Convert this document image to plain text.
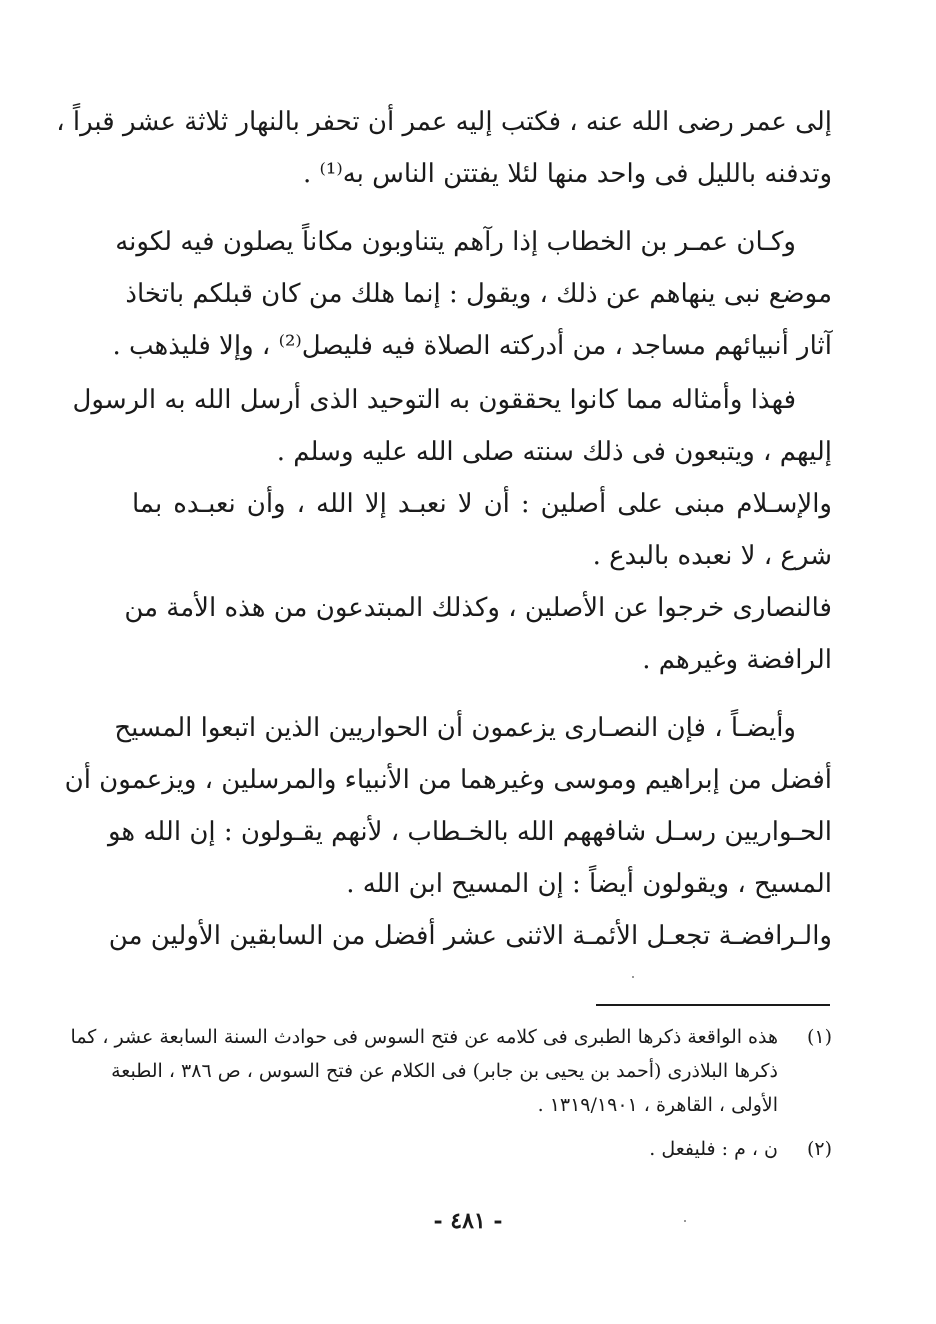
إلى عمر رضى الله عنه ، فكتب إليه عمر أن تحفر بالنهار ثلاثة عشر قبراً ،
وتدفنه بالليل فى واحد منها لئلا يفتتن الناس به⁽¹⁾ .
وكـان عمـر بن الخطاب إذا رآهم يتناوبون مكاناً يصلون فيه لكونه
موضع نبى ينهاهم عن ذلك ، ويقول : إنما هلك من كان قبلكم باتخاذ
آثار أنبيائهم مساجد ، من أدركته الصلاة فيه فليصل⁽²⁾ ، وإلا فليذهب .
فهذا وأمثاله مما كانوا يحققون به التوحيد الذى أرسل الله به الرسول
إليهم ، ويتبعون فى ذلك سنته صلى الله عليه وسلم .
والإسـلام مبنى على أصلين : أن لا نعبـد إلا الله ، وأن نعبـده بما
شرع ، لا نعبده بالبدع .
فالنصارى خرجوا عن الأصلين ، وكذلك المبتدعون من هذه الأمة من
الرافضة وغيرهم .
وأيضـاً ، فإن النصـارى يزعمون أن الحواريين الذين اتبعوا المسيح
أفضل من إبراهيم وموسى وغيرهما من الأنبياء والمرسلين ، ويزعمون أن
الحـواريين رسـل شافههم الله بالخـطاب ، لأنهم يقـولون : إن الله هو
المسيح ، ويقولون أيضاً : إن المسيح ابن الله .
والـرافضـة تجعـل الأئمـة الاثنى عشر أفضل من السابقين الأولين من
(١)
هذه الواقعة ذكرها الطبرى فى كلامه عن فتح السوس فى حوادث السنة السابعة عشر ، كما
ذكرها البلاذرى (أحمد بن يحيى بن جابر) فى الكلام عن فتح السوس ، ص ٣٨٦ ، الطبعة
الأولى ، القاهرة ، ١٣١٩/١٩٠١ .
(٢)
ن ، م : فليفعل .
- ٤٨١ -
